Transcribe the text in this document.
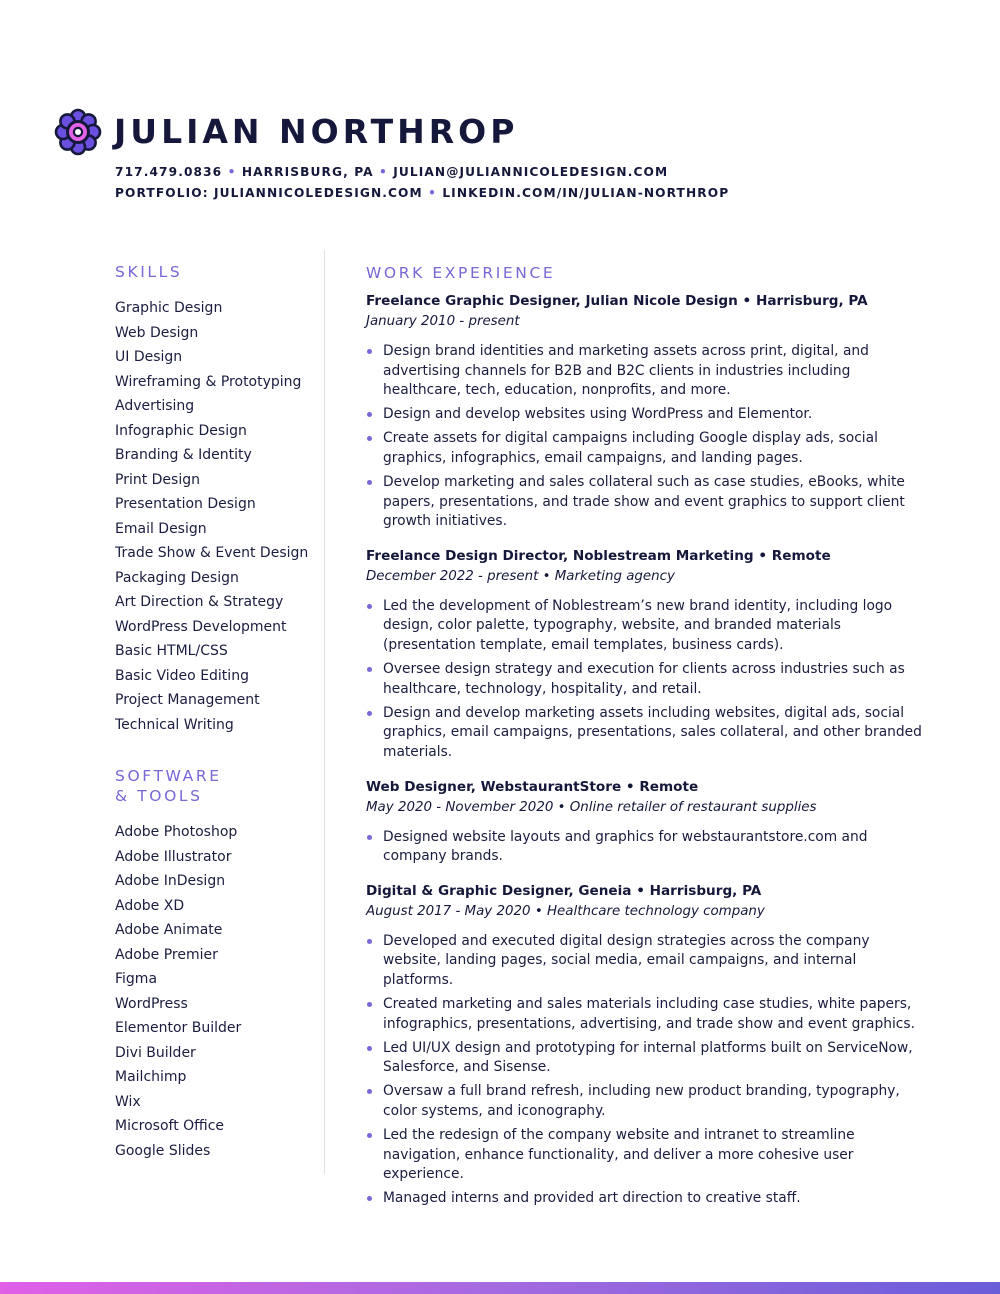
JULIAN NORTHROP
717.479.0836 • HARRISBURG, PA • JULIAN@JULIANNICOLEDESIGN.COM
PORTFOLIO: JULIANNICOLEDESIGN.COM • LINKEDIN.COM/IN/JULIAN-NORTHROP
SKILLS
Graphic Design
Web Design
UI Design
Wireframing & Prototyping
Advertising
Infographic Design
Branding & Identity
Print Design
Presentation Design
Email Design
Trade Show & Event Design
Packaging Design
Art Direction & Strategy
WordPress Development
Basic HTML/CSS
Basic Video Editing
Project Management
Technical Writing
SOFTWARE
& TOOLS
Adobe Photoshop
Adobe Illustrator
Adobe InDesign
Adobe XD
Adobe Animate
Adobe Premier
Figma
WordPress
Elementor Builder
Divi Builder
Mailchimp
Wix
Microsoft Office
Google Slides
WORK EXPERIENCE

Freelance Graphic Designer, Julian Nicole Design • Harrisburg, PA

January 2010 - present

Design brand identities and marketing assets across print, digital, and advertising channels for B2B and B2C clients in industries including healthcare, tech, education, nonprofits, and more.
Design and develop websites using WordPress and Elementor.
Create assets for digital campaigns including Google display ads, social graphics, infographics, email campaigns, and landing pages.
Develop marketing and sales collateral such as case studies, eBooks, white papers, presentations, and trade show and event graphics to support client growth initiatives.

Freelance Design Director, Noblestream Marketing • Remote

December 2022 - present • Marketing agency

Led the development of Noblestream’s new brand identity, including logo design, color palette, typography, website, and branded materials (presentation template, email templates, business cards).
Oversee design strategy and execution for clients across industries such as healthcare, technology, hospitality, and retail.
Design and develop marketing assets including websites, digital ads, social graphics, email campaigns, presentations, sales collateral, and other branded materials.

Web Designer, WebstaurantStore • Remote

May 2020 - November 2020 • Online retailer of restaurant supplies

Designed website layouts and graphics for webstaurantstore.com and company brands.

Digital & Graphic Designer, Geneia • Harrisburg, PA

August 2017 - May 2020 • Healthcare technology company

Developed and executed digital design strategies across the company website, landing pages, social media, email campaigns, and internal platforms.
Created marketing and sales materials including case studies, white papers, infographics, presentations, advertising, and trade show and event graphics.
Led UI/UX design and prototyping for internal platforms built on ServiceNow, Salesforce, and Sisense.
Oversaw a full brand refresh, including new product branding, typography, color systems, and iconography.
Led the redesign of the company website and intranet to streamline navigation, enhance functionality, and deliver a more cohesive user experience.
Managed interns and provided art direction to creative staff.
